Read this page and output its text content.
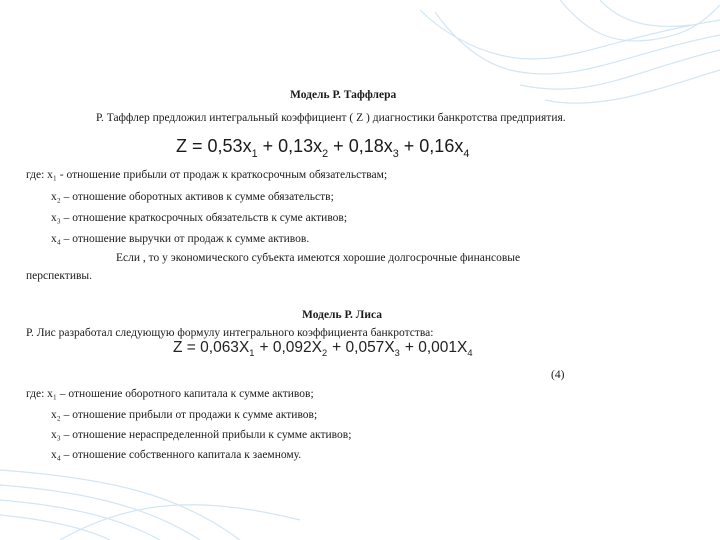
Модель Р. Таффлера
Р. Таффлер предложил интегральный коэффициент ( Z ) диагностики банкротства предприятия.
$Z = 0,53x_1 + 0,13x_2 + 0,18x_3 + 0,16x_4$
где: x₁ - отношение прибыли от продаж к краткосрочным обязательствам;
x₂ – отношение оборотных активов к сумме обязательств;
x₃ – отношение краткосрочных обязательств к суме активов;
x₄ – отношение выручки от продаж к сумме активов.
Если , то у экономического субъекта имеются хорошие долгосрочные финансовые
перспективы.
Модель Р. Лиса
Р. Лис разработал следующую формулу интегрального коэффициента банкротства:
$Z = 0,063X_1 + 0,092X_2 + 0,057X_3 + 0,001X_4$
(4)
где: x₁ – отношение оборотного капитала к сумме активов;
x₂ – отношение прибыли от продажи к сумме активов;
x₃ – отношение нераспределенной прибыли к сумме активов;
x₄ – отношение собственного капитала к заемному.
